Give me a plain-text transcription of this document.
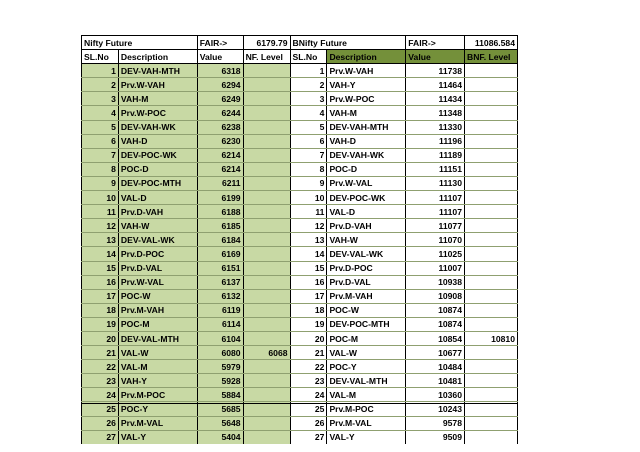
Nifty Future		FAIR->	6179.79	BNifty Future		FAIR->	11086.584
SL.No	Description	Value	NF. Level	SL.No	Description	Value	BNF. Level
1	DEV-VAH-MTH	6318		1	Prv.W-VAH	11738	
2	Prv.W-VAH	6294		2	VAH-Y	11464	
3	VAH-M	6249		3	Prv.W-POC	11434	
4	Prv.W-POC	6244		4	VAH-M	11348	
5	DEV-VAH-WK	6238		5	DEV-VAH-MTH	11330	
6	VAH-D	6230		6	VAH-D	11196	
7	DEV-POC-WK	6214		7	DEV-VAH-WK	11189	
8	POC-D	6214		8	POC-D	11151	
9	DEV-POC-MTH	6211		9	Prv.W-VAL	11130	
10	VAL-D	6199		10	DEV-POC-WK	11107	
11	Prv.D-VAH	6188		11	VAL-D	11107	
12	VAH-W	6185		12	Prv.D-VAH	11077	
13	DEV-VAL-WK	6184		13	VAH-W	11070	
14	Prv.D-POC	6169		14	DEV-VAL-WK	11025	
15	Prv.D-VAL	6151		15	Prv.D-POC	11007	
16	Prv.W-VAL	6137		16	Prv.D-VAL	10938	
17	POC-W	6132		17	Prv.M-VAH	10908	
18	Prv.M-VAH	6119		18	POC-W	10874	
19	POC-M	6114		19	DEV-POC-MTH	10874	
20	DEV-VAL-MTH	6104		20	POC-M	10854	10810
21	VAL-W	6080	6068	21	VAL-W	10677	
22	VAL-M	5979		22	POC-Y	10484	
23	VAH-Y	5928		23	DEV-VAL-MTH	10481	
24	Prv.M-POC	5884		24	VAL-M	10360	
25	POC-Y	5685		25	Prv.M-POC	10243	
26	Prv.M-VAL	5648		26	Prv.M-VAL	9578	
27	VAL-Y	5404		27	VAL-Y	9509	
